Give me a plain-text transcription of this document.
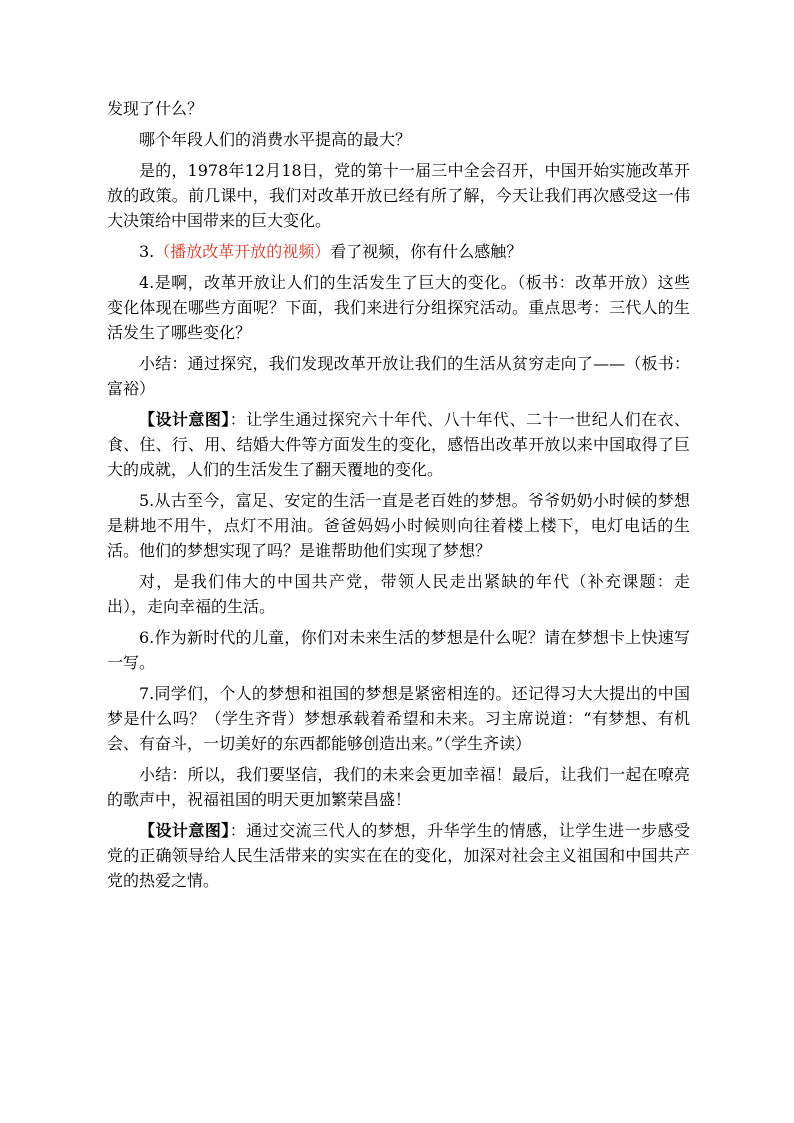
发现了什么？

哪个年段人们的消费水平提高的最大？

是的，1978年12月18日，党的第十一届三中全会召开，中国开始实施改革开放的政策。前几课中，我们对改革开放已经有所了解，今天让我们再次感受这一伟大决策给中国带来的巨大变化。

3.（播放改革开放的视频）看了视频，你有什么感触？

4.是啊，改革开放让人们的生活发生了巨大的变化。（板书：改革开放）这些变化体现在哪些方面呢？下面，我们来进行分组探究活动。重点思考：三代人的生活发生了哪些变化？

小结：通过探究，我们发现改革开放让我们的生活从贫穷走向了——（板书：富裕）

【设计意图】：让学生通过探究六十年代、八十年代、二十一世纪人们在衣、食、住、行、用、结婚大件等方面发生的变化，感悟出改革开放以来中国取得了巨大的成就，人们的生活发生了翻天覆地的变化。

5.从古至今，富足、安定的生活一直是老百姓的梦想。爷爷奶奶小时候的梦想是耕地不用牛，点灯不用油。爸爸妈妈小时候则向往着楼上楼下，电灯电话的生活。他们的梦想实现了吗？是谁帮助他们实现了梦想？

对，是我们伟大的中国共产党，带领人民走出紧缺的年代（补充课题：走出），走向幸福的生活。

6.作为新时代的儿童，你们对未来生活的梦想是什么呢？请在梦想卡上快速写一写。

7.同学们，个人的梦想和祖国的梦想是紧密相连的。还记得习大大提出的中国梦是什么吗？（学生齐背）梦想承载着希望和未来。习主席说道：“有梦想、有机会、有奋斗，一切美好的东西都能够创造出来。”（学生齐读）

小结：所以，我们要坚信，我们的未来会更加幸福！最后，让我们一起在嘹亮的歌声中，祝福祖国的明天更加繁荣昌盛！

【设计意图】：通过交流三代人的梦想，升华学生的情感，让学生进一步感受党的正确领导给人民生活带来的实实在在的变化，加深对社会主义祖国和中国共产党的热爱之情。
